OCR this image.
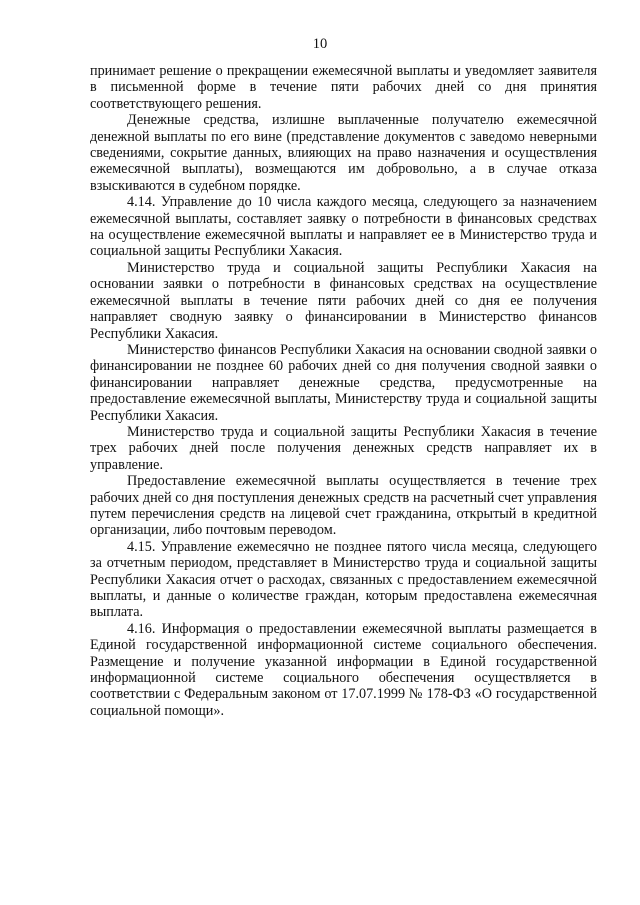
10

принимает решение о прекращении ежемесячной выплаты и уведомляет заявителя в письменной форме в течение пяти рабочих дней со дня принятия соответствующего решения.

Денежные средства, излишне выплаченные получателю ежемесячной денежной выплаты по его вине (представление документов с заведомо неверными сведениями, сокрытие данных, влияющих на право назначения и осуществления ежемесячной выплаты), возмещаются им добровольно, а в случае отказа взыскиваются в судебном порядке.

4.14. Управление до 10 числа каждого месяца, следующего за назначением ежемесячной выплаты, составляет заявку о потребности в финансовых средствах на осуществление ежемесячной выплаты и направляет ее в Министерство труда и социальной защиты Республики Хакасия.

Министерство труда и социальной защиты Республики Хакасия на основании заявки о потребности в финансовых средствах на осуществление ежемесячной выплаты в течение пяти рабочих дней со дня ее получения направляет сводную заявку о финансировании в Министерство финансов Республики Хакасия.

Министерство финансов Республики Хакасия на основании сводной заявки о финансировании не позднее 60 рабочих дней со дня получения сводной заявки о финансировании направляет денежные средства, предусмотренные на предоставление ежемесячной выплаты, Министерству труда и социальной защиты Республики Хакасия.

Министерство труда и социальной защиты Республики Хакасия в течение трех рабочих дней после получения денежных средств направляет их в управление.

Предоставление ежемесячной выплаты осуществляется в течение трех рабочих дней со дня поступления денежных средств на расчетный счет управления путем перечисления средств на лицевой счет гражданина, открытый в кредитной организации, либо почтовым переводом.

4.15. Управление ежемесячно не позднее пятого числа месяца, следующего за отчетным периодом, представляет в Министерство труда и социальной защиты Республики Хакасия отчет о расходах, связанных с предоставлением ежемесячной выплаты, и данные о количестве граждан, которым предоставлена ежемесячная выплата.

4.16. Информация о предоставлении ежемесячной выплаты размещается в Единой государственной информационной системе социального обеспечения. Размещение и получение указанной информации в Единой государственной информационной системе социального обеспечения осуществляется в соответствии с Федеральным законом от 17.07.1999 № 178-ФЗ «О государственной социальной помощи».
